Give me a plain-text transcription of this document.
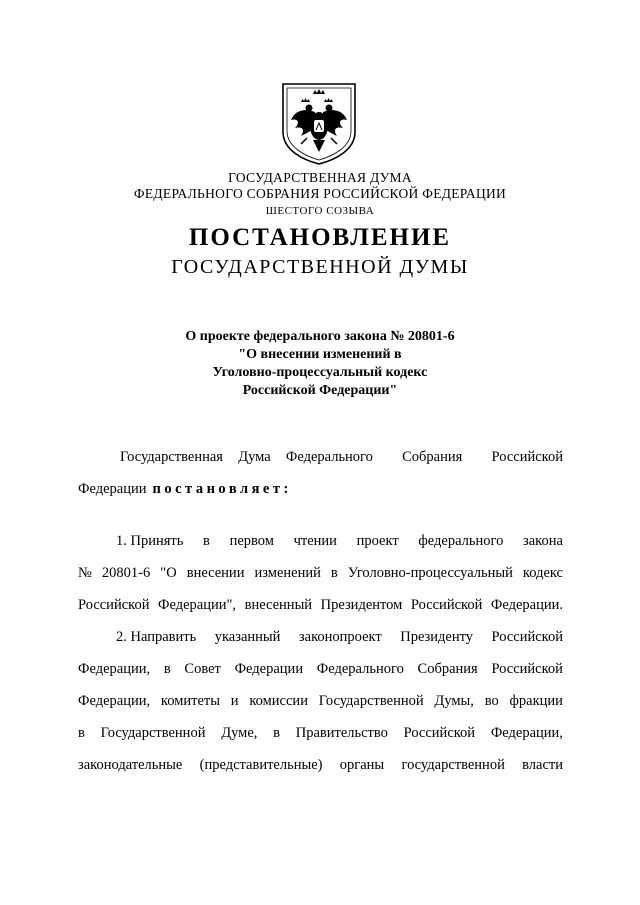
ГОСУДАРСТВЕННАЯ ДУМА
ФЕДЕРАЛЬНОГО СОБРАНИЯ РОССИЙСКОЙ ФЕДЕРАЦИИ
ШЕСТОГО СОЗЫВА
ПОСТАНОВЛЕНИЕ
ГОСУДАРСТВЕННОЙ ДУМЫ
О проекте федерального закона № 20801-6
"О внесении изменений в
Уголовно-процессуальный кодекс
Российской Федерации"
Государственная Дума Федерального Собрания Российской
Федерации постановляет:
1. Принять в первом чтении проект федерального закона
№ 20801-6 "О внесении изменений в Уголовно-процессуальный кодекс
Российской Федерации", внесенный Президентом Российской Федерации.
2. Направить указанный законопроект Президенту Российской
Федерации, в Совет Федерации Федерального Собрания Российской
Федерации, комитеты и комиссии Государственной Думы, во фракции
в Государственной Думе, в Правительство Российской Федерации,
законодательные (представительные) органы государственной власти
